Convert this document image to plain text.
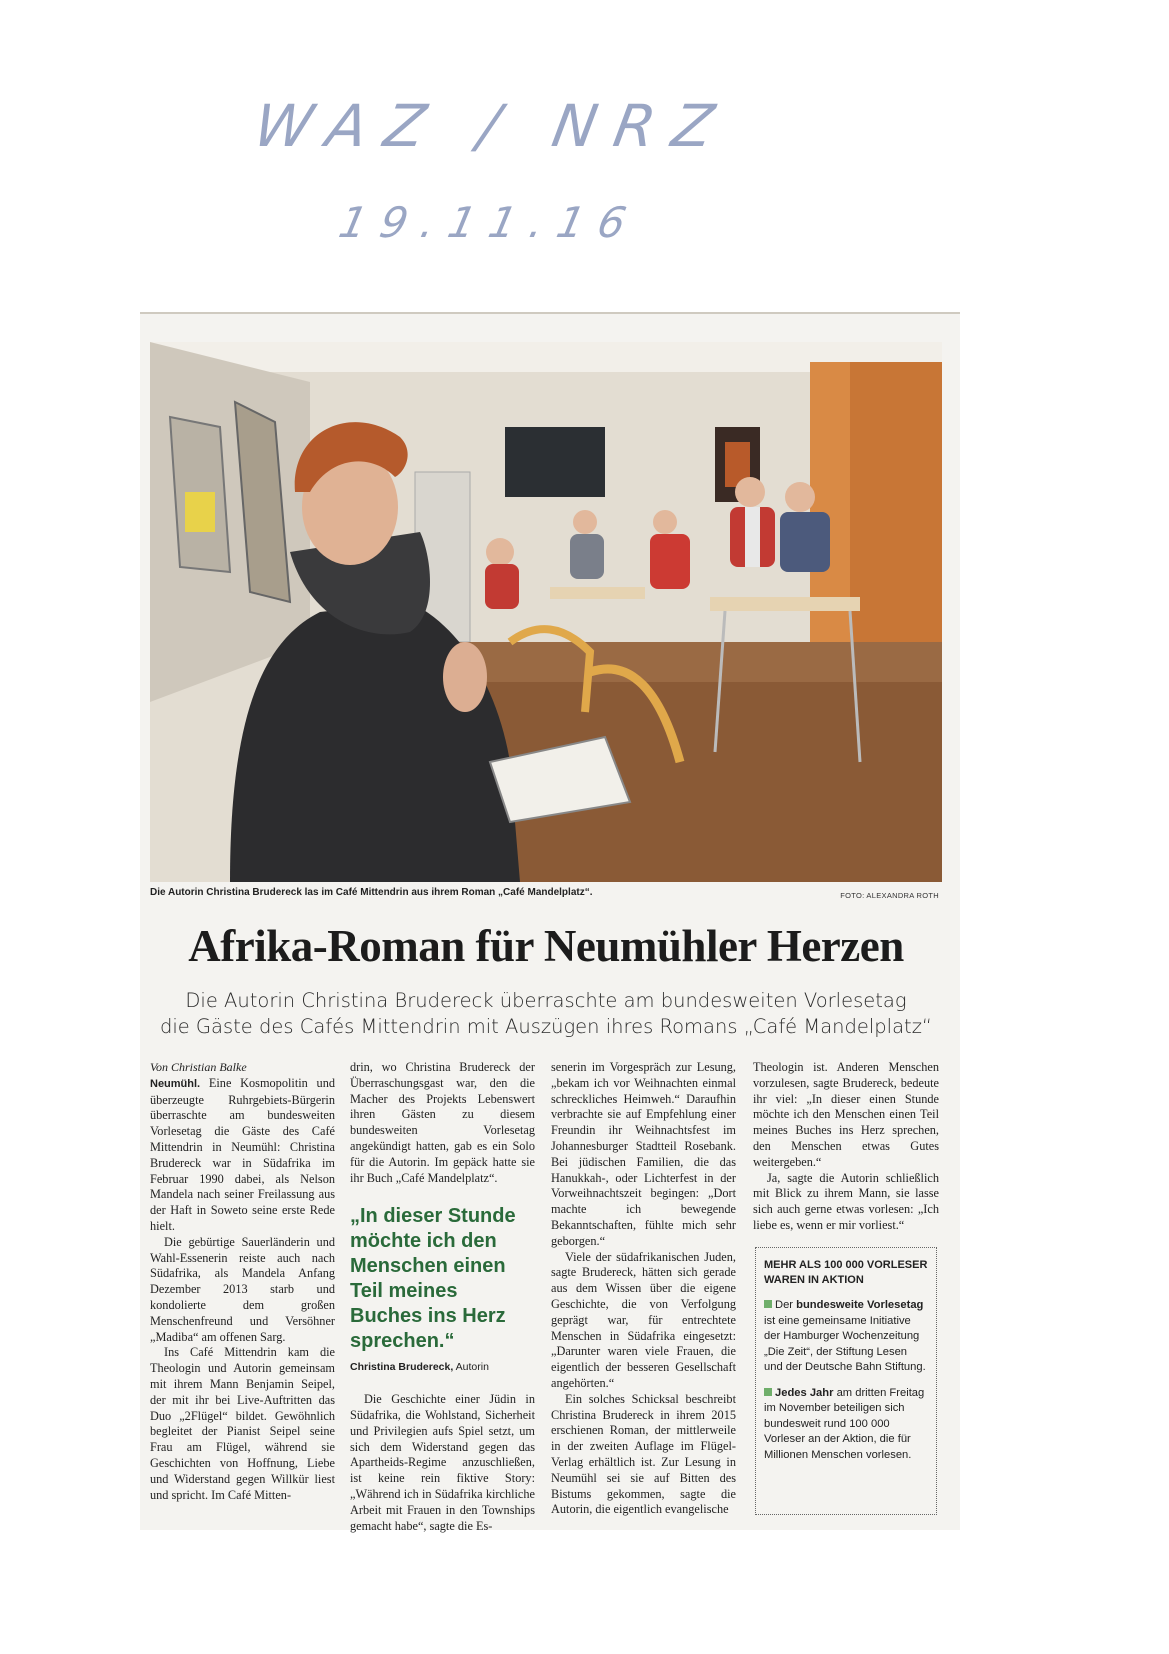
WAZ / NRZ
19.11.16
Die Autorin Christina Brudereck las im Café Mittendrin aus ihrem Roman „Café Mandelplatz“.	FOTO: ALEXANDRA ROTH
Afrika-Roman für Neumühler Herzen
Die Autorin Christina Brudereck überraschte am bundesweiten Vorlesetag
die Gäste des Cafés Mittendrin mit Auszügen ihres Romans „Café Mandelplatz“

Von Christian Balke

Neumühl. Eine Kosmopolitin und überzeugte Ruhrgebiets-Bürgerin überraschte am bundesweiten Vorlesetag die Gäste des Café Mittendrin in Neumühl: Christina Brudereck war in Südafrika im Februar 1990 dabei, als Nelson Mandela nach seiner Freilassung aus der Haft in Soweto seine erste Rede hielt.

Die gebürtige Sauerländerin und Wahl-Essenerin reiste auch nach Südafrika, als Mandela Anfang Dezember 2013 starb und kondolierte dem großen Menschenfreund und Versöhner „Madiba“ am offenen Sarg.

Ins Café Mittendrin kam die Theologin und Autorin gemeinsam mit ihrem Mann Benjamin Seipel, der mit ihr bei Live-Auftritten das Duo „2Flügel“ bildet. Gewöhnlich begleitet der Pianist Seipel seine Frau am Flügel, während sie Geschichten von Hoffnung, Liebe und Widerstand gegen Willkür liest und spricht. Im Café Mitten-

drin, wo Christina Brudereck der Überraschungsgast war, den die Macher des Projekts Lebenswert ihren Gästen zu diesem bundesweiten Vorlesetag angekündigt hatten, gab es ein Solo für die Autorin. Im gepäck hatte sie ihr Buch „Café Mandelplatz“.

„In dieser Stunde möchte ich den Menschen einen Teil meines Buches ins Herz sprechen.“
Christina Brudereck, Autorin

Die Geschichte einer Jüdin in Südafrika, die Wohlstand, Sicherheit und Privilegien aufs Spiel setzt, um sich dem Widerstand gegen das Apartheids-Regime anzuschließen, ist keine rein fiktive Story: „Während ich in Südafrika kirchliche Arbeit mit Frauen in den Townships gemacht habe“, sagte die Es-

senerin im Vorgespräch zur Lesung, „bekam ich vor Weihnachten einmal schreckliches Heimweh.“ Daraufhin verbrachte sie auf Empfehlung einer Freundin ihr Weihnachtsfest im Johannesburger Stadtteil Rosebank. Bei jüdischen Familien, die das Hanukkah-, oder Lichterfest in der Vorweihnachtszeit begingen: „Dort machte ich bewegende Bekanntschaften, fühlte mich sehr geborgen.“

Viele der südafrikanischen Juden, sagte Brudereck, hätten sich gerade aus dem Wissen über die eigene Geschichte, die von Verfolgung geprägt war, für entrechtete Menschen in Südafrika eingesetzt: „Darunter waren viele Frauen, die eigentlich der besseren Gesellschaft angehörten.“

Ein solches Schicksal beschreibt Christina Brudereck in ihrem 2015 erschienen Roman, der mittlerweile in der zweiten Auflage im Flügel-Verlag erhältlich ist. Zur Lesung in Neumühl sei sie auf Bitten des Bistums gekommen, sagte die Autorin, die eigentlich evangelische

Theologin ist. Anderen Menschen vorzulesen, sagte Brudereck, bedeute ihr viel: „In dieser einen Stunde möchte ich den Menschen einen Teil meines Buches ins Herz sprechen, den Menschen etwas Gutes weitergeben.“

Ja, sagte die Autorin schließlich mit Blick zu ihrem Mann, sie lasse sich auch gerne etwas vorlesen: „Ich liebe es, wenn er mir vorliest.“

MEHR ALS 100 000 VORLESER WAREN IN AKTION

Der bundesweite Vorlesetag ist eine gemeinsame Initiative der Hamburger Wochenzeitung „Die Zeit“, der Stiftung Lesen und der Deutsche Bahn Stiftung.

Jedes Jahr am dritten Freitag im November beteiligen sich bundesweit rund 100 000 Vorleser an der Aktion, die für Millionen Menschen vorlesen.
